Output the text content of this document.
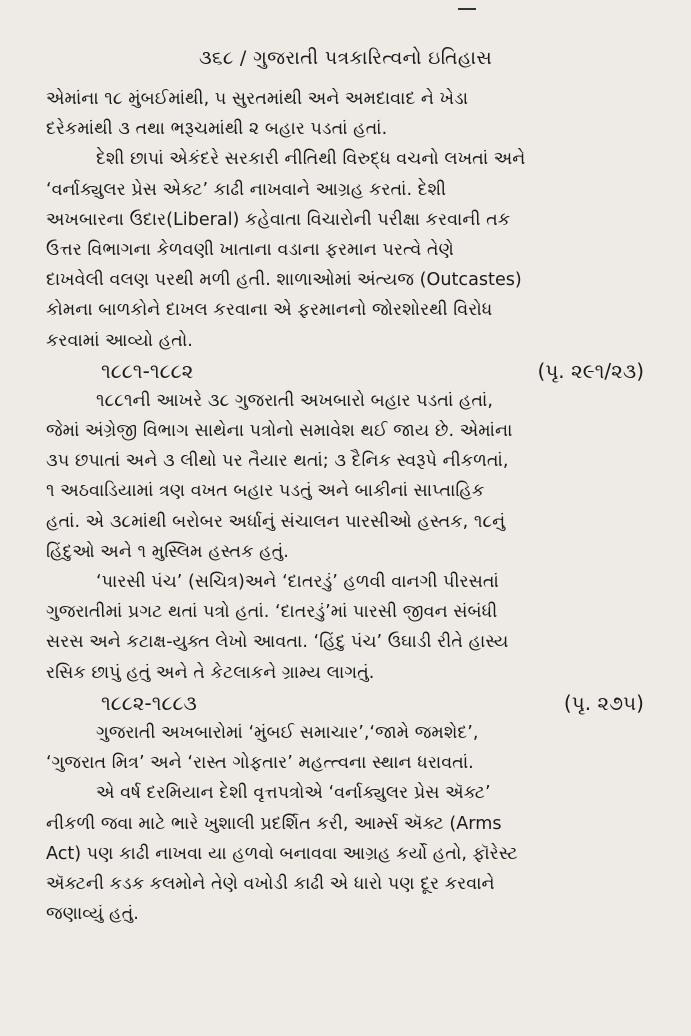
૩૬૮ / ગુજરાતી પત્રકારિત્વનો ઇતિહાસ
એમાંના ૧૮ મુંબઈમાંથી, ૫ સુરતમાંથી અને અમદાવાદ ને ખેડા
દરેકમાંથી ૩ તથા ભરૂચમાંથી ૨ બહાર પડતાં હતાં.
દેશી છાપાં એકંદરે સરકારી નીતિથી વિરુદ્ધ વચનો લખતાં અને
‘વર્નાક્યુલર પ્રેસ એક્ટ’ કાઢી નાખવાને આગ્રહ કરતાં. દેશી
અખબારના ઉદાર(Liberal) કહેવાતા વિચારોની પરીક્ષા કરવાની તક
ઉત્તર વિભાગના કેળવણી ખાતાના વડાના ફરમાન પરત્વે તેણે
દાખવેલી વલણ પરથી મળી હતી. શાળાઓમાં અંત્યજ (Outcastes)
કોમના બાળકોને દાખલ કરવાના એ ફરમાનનો જોરશોરથી વિરોધ
કરવામાં આવ્યો હતો.
૧૮૮૧-૧૮૮૨	(પૃ. ૨૯૧/૨૩)
૧૮૮૧ની આખરે ૩૮ ગુજરાતી અખબારો બહાર પડતાં હતાં,
જેમાં અંગ્રેજી વિભાગ સાથેના પત્રોનો સમાવેશ થઈ જાય છે. એમાંના
૩૫ છપાતાં અને ૩ લીથો પર તૈયાર થતાં; ૩ દૈનિક સ્વરૂપે નીકળતાં,
૧ અઠવાડિયામાં ત્રણ વખત બહાર પડતું અને બાકીનાં સાપ્તાહિક
હતાં. એ ૩૮માંથી બરોબર અર્ધાનું સંચાલન પારસીઓ હસ્તક, ૧૮નું
હિંદુઓ અને ૧ મુસ્લિમ હસ્તક હતું.
‘પારસી પંચ’ (સચિત્ર)અને ‘દાતરડું’ હળવી વાનગી પીરસતાં
ગુજરાતીમાં પ્રગટ થતાં પત્રો હતાં. ‘દાતરડું’માં પારસી જીવન સંબંધી
સરસ અને કટાક્ષ-યુક્ત લેખો આવતા. ‘હિંદુ પંચ’ ઉઘાડી રીતે હાસ્ય
રસિક છાપું હતું અને તે કેટલાકને ગ્રામ્ય લાગતું.
૧૮૮૨-૧૮૮૩	(પૃ. ૨૭૫)
ગુજરાતી અખબારોમાં ‘મુંબઈ સમાચાર’,‘જામે જમશેદ’,
‘ગુજરાત મિત્ર’ અને ‘રાસ્ત ગોફતાર’ મહત્ત્વના સ્થાન ધરાવતાં.
એ વર્ષ દરમિયાન દેશી વૃત્તપત્રોએ ‘વર્નાક્યુલર પ્રેસ ઍક્ટ’
નીકળી જવા માટે ભારે ખુશાલી પ્રદર્શિત કરી, આર્મ્સ ઍક્ટ (Arms
Act) પણ કાઢી નાખવા યા હળવો બનાવવા આગ્રહ કર્યો હતો, ફૉરેસ્ટ
ઍક્ટની કડક કલમોને તેણે વખોડી કાઢી એ ધારો પણ દૂર કરવાને
જણાવ્યું હતું.
